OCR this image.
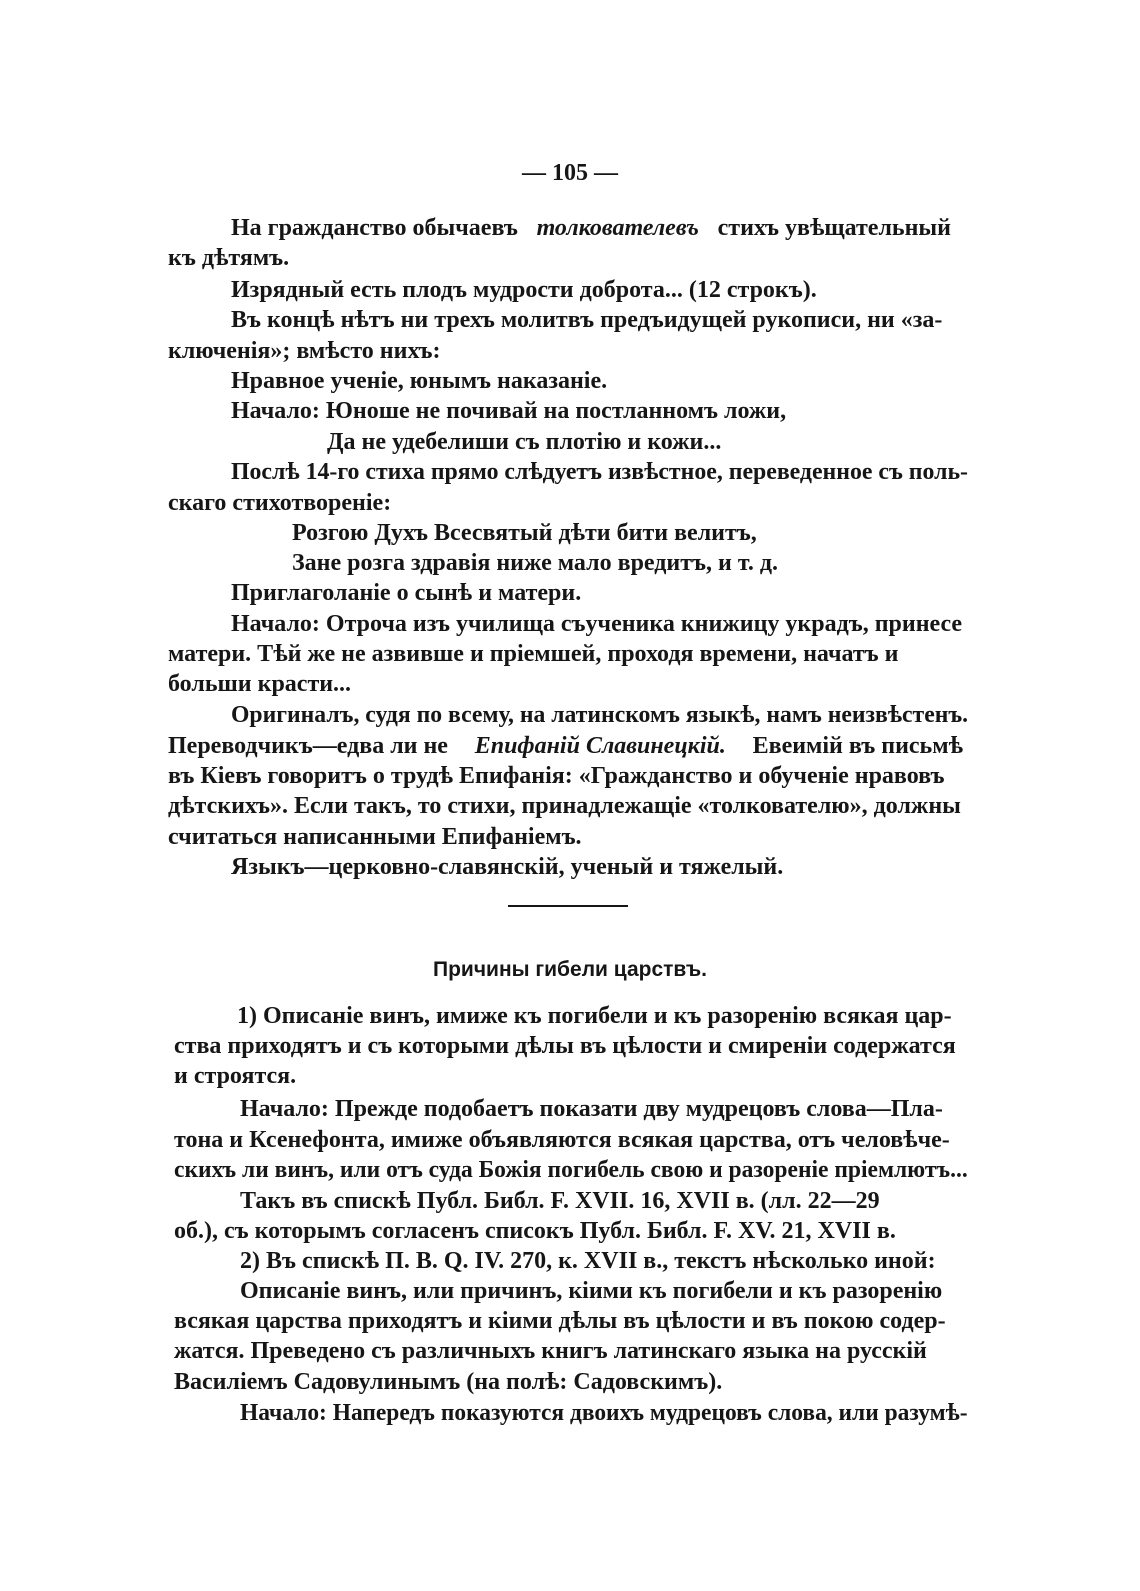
— 105 —
На гражданство обычаевъ толкователевъ стихъ увѣщательный
къ дѣтямъ.
Изрядный есть плодъ мудрости доброта... (12 строкъ).
Въ концѣ нѣтъ ни трехъ молитвъ предъидущей рукописи, ни «за-
ключенія»; вмѣсто нихъ:
Нравное ученіе, юнымъ наказаніе.
Начало: Юноше не почивай на постланномъ ложи,
Да не удебелиши съ плотію и кожи...
Послѣ 14-го стиха прямо слѣдуетъ извѣстное, переведенное съ поль-
скаго стихотвореніе:
Розгою Духъ Всесвятый дѣти бити велитъ,
Зане розга здравія ниже мало вредитъ, и т. д.
Приглаголаніе о сынѣ и матери.
Начало: Отроча изъ училища съученика книжицу украдъ, принесе
матери. Тѣй же не азвивше и пріемшей, проходя времени, начатъ и
больши красти...
Оригиналъ, судя по всему, на латинскомъ языкѣ, намъ неизвѣстенъ.
Переводчикъ—едва ли не Епифаній Славинецкій. Евеимій въ письмѣ
въ Кіевъ говоритъ о трудѣ Епифанія: «Гражданство и обученіе нравовъ
дѣтскихъ». Если такъ, то стихи, принадлежащіе «толкователю», должны
считаться написанными Епифаніемъ.
Языкъ—церковно-славянскій, ученый и тяжелый.
Причины гибели царствъ.
1) Описаніе винъ, имиже къ погибели и къ разоренію всякая цар-
ства приходятъ и съ которыми дѣлы въ цѣлости и смиреніи содержатся
и строятся.
Начало: Прежде подобаетъ показати дву мудрецовъ слова—Пла-
тона и Ксенефонта, имиже объявляются всякая царства, отъ человѣче-
скихъ ли винъ, или отъ суда Божія погибель свою и разореніе пріемлютъ...
Такъ въ спискѣ Публ. Библ. F. XVII. 16, XVII в. (лл. 22—29
об.), съ которымъ согласенъ списокъ Публ. Библ. F. XV. 21, XVII в.
2) Въ спискѣ П. В. Q. IV. 270, к. XVII в., текстъ нѣсколько иной:
Описаніе винъ, или причинъ, кіими къ погибели и къ разоренію
всякая царства приходятъ и кіими дѣлы въ цѣлости и въ покою содер-
жатся. Преведено съ различныхъ книгъ латинскаго языка на русскій
Василіемъ Садовулинымъ (на полѣ: Садовскимъ).
Начало: Напередъ показуются двоихъ мудрецовъ слова, или разумѣ-
